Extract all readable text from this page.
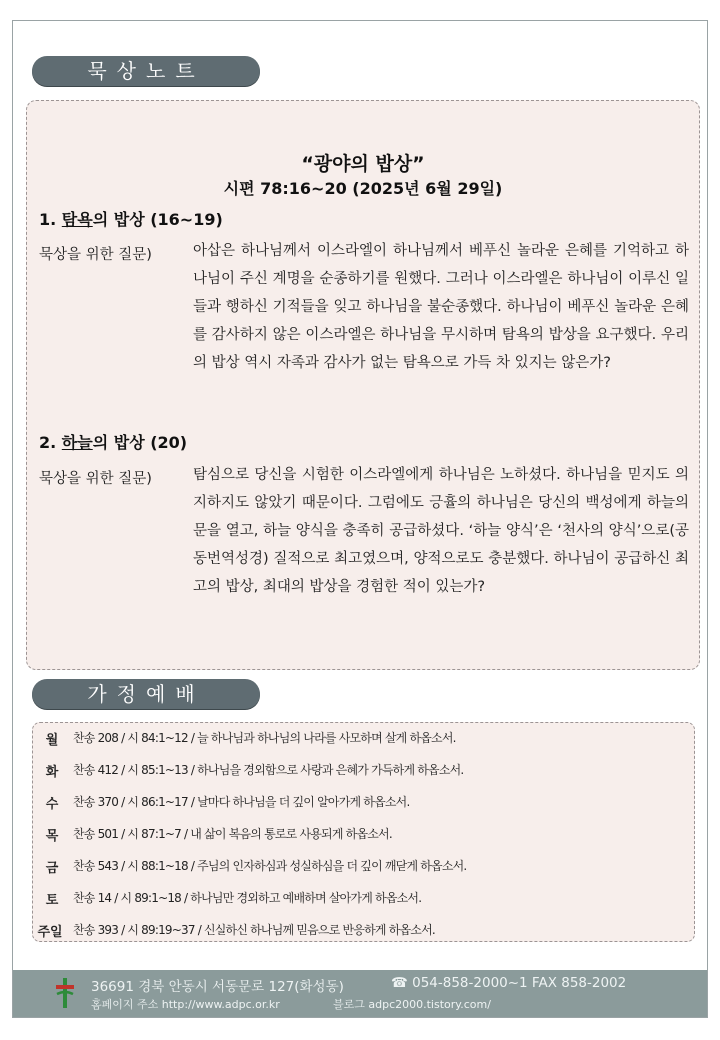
묵상노트
“광야의 밥상”
시편 78:16~20 (2025년 6월 29일)
1. 탐욕의 밥상 (16~19)
묵상을 위한 질문)	아삽은 하나님께서 이스라엘이 하나님께서 베푸신 놀라운 은혜를 기억하고 하나님이 주신 계명을 순종하기를 원했다. 그러나 이스라엘은 하나님이 이루신 일들과 행하신 기적들을 잊고 하나님을 불순종했다. 하나님이 베푸신 놀라운 은혜를 감사하지 않은 이스라엘은 하나님을 무시하며 탐욕의 밥상을 요구했다. 우리의 밥상 역시 자족과 감사가 없는 탐욕으로 가득 차 있지는 않은가?
2. 하늘의 밥상 (20)
묵상을 위한 질문)	탐심으로 당신을 시험한 이스라엘에게 하나님은 노하셨다. 하나님을 믿지도 의지하지도 않았기 때문이다. 그럼에도 긍휼의 하나님은 당신의 백성에게 하늘의 문을 열고, 하늘 양식을 충족히 공급하셨다. ‘하늘 양식’은 ‘천사의 양식’으로(공동번역성경) 질적으로 최고였으며, 양적으로도 충분했다. 하나님이 공급하신 최고의 밥상, 최대의 밥상을 경험한 적이 있는가?
가정예배
월	찬송 208 / 시 84:1~12 / 늘 하나님과 하나님의 나라를 사모하며 살게 하옵소서.
화	찬송 412 / 시 85:1~13 / 하나님을 경외함으로 사랑과 은혜가 가득하게 하옵소서.
수	찬송 370 / 시 86:1~17 / 날마다 하나님을 더 깊이 알아가게 하옵소서.
목	찬송 501 / 시 87:1~7 / 내 삶이 복음의 통로로 사용되게 하옵소서.
금	찬송 543 / 시 88:1~18 / 주님의 인자하심과 성실하심을 더 깊이 깨닫게 하옵소서.
토	찬송 14 / 시 89:1~18 / 하나님만 경외하고 예배하며 살아가게 하옵소서.
주일 찬송 393 / 시 89:19~37 / 신실하신 하나님께 믿음으로 반응하게 하옵소서.
36691 경북 안동시 서동문로 127(화성동)	☎ 054-858-2000~1 FAX 858-2002
홈페이지 주소 http://www.adpc.or.kr	블로그 adpc2000.tistory.com/
